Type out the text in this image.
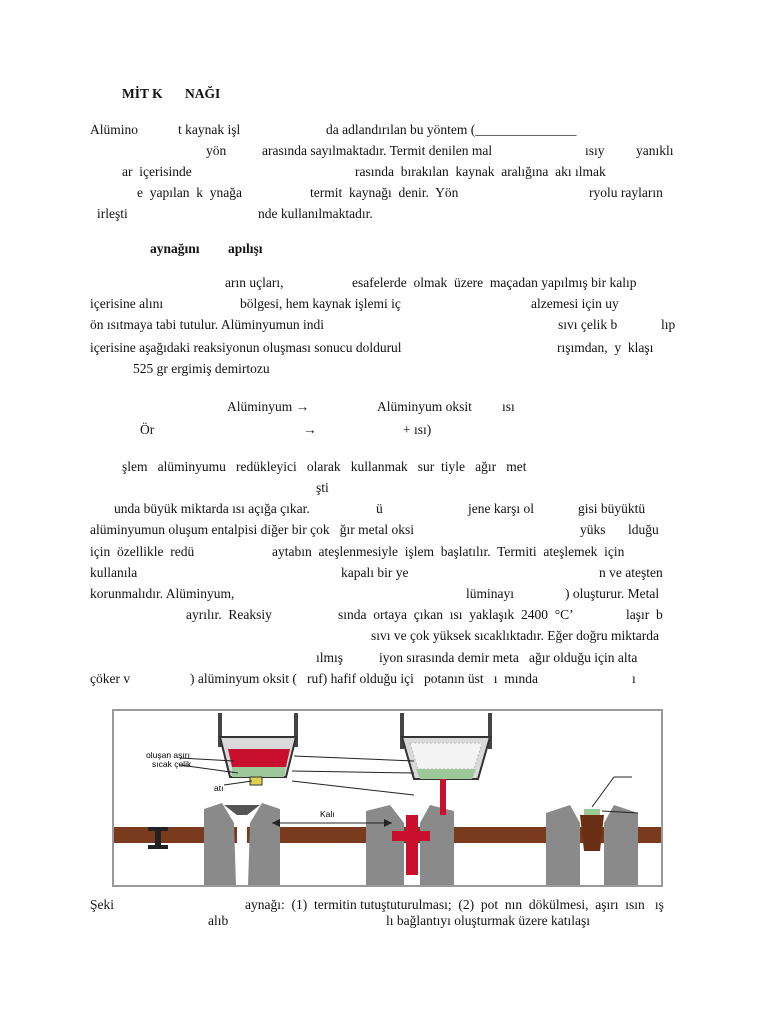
MİT K NAĞI
Alümino	t kaynak işl	da adlandırılan bu yöntem (_______________
yön	arasında sayılmaktadır. Termit denilen mal	ısıy yanıklı
ar  içerisinde	rasında  bırakılan  kaynak  aralığına  akı ılmak
e  yapılan  k  ynağa	termit  kaynağı  denir.  Yön	ryolu rayların
irleşti	nde kullanılmaktadır.
aynağını apılışı
arın uçları,	esafelerde  olmak  üzere  maçadan yapılmış bir kalıp
içerisine alını	bölgesi, hem kaynak işlemi iç	alzemesi için uy
ön ısıtmaya tabi tutulur. Alüminyumun indi	sıvı çelik b	lıp
içerisine aşağıdaki reaksiyonun oluşması sonucu doldurul	rışımdan,  y  klaşı
525 gr ergimiş demirtozu
Alüminyum →	Alüminyum oksit ısı
Ör	→	+ ısı)
şlem   alüminyumu   redükleyici   olarak   kullanmak   sur  tiyle   ağır   met
şti
unda büyük miktarda ısı açığa çıkar.	ü	jene karşı ol	gisi büyüktü
alüminyumun oluşum entalpisi diğer bir çok   ğır metal oksi	yüks lduğu
için  özellikle  redü	aytabın  ateşlenmesiyle  işlem  başlatılır.  Termiti  ateşlemek  için
kullanıla	kapalı bir ye	n ve ateşten
korunmalıdır. Alüminyum,	lüminayı	) oluşturur. Metal
ayrılır.  Reaksiy	sında  ortaya  çıkan  ısı  yaklaşık  2400  °C’	laşır  b
sıvı ve çok yüksek sıcaklıktadır. Eğer doğru miktarda
ılmış	iyon sırasında demir meta   ağır olduğu için alta
çöker v	) alüminyum oksit (   ruf) hafif olduğu içi   potanın üst   ı  mında	ı
oluşan aşırı
sıcak çelik
atı
Kalı
Şeki	aynağı:  (1)  termitin tutuştuturulması;  (2)  pot  nın  dökülmesi,  aşırı  ısın   ış
alıb	lı bağlantıyı oluşturmak üzere katılaşı
